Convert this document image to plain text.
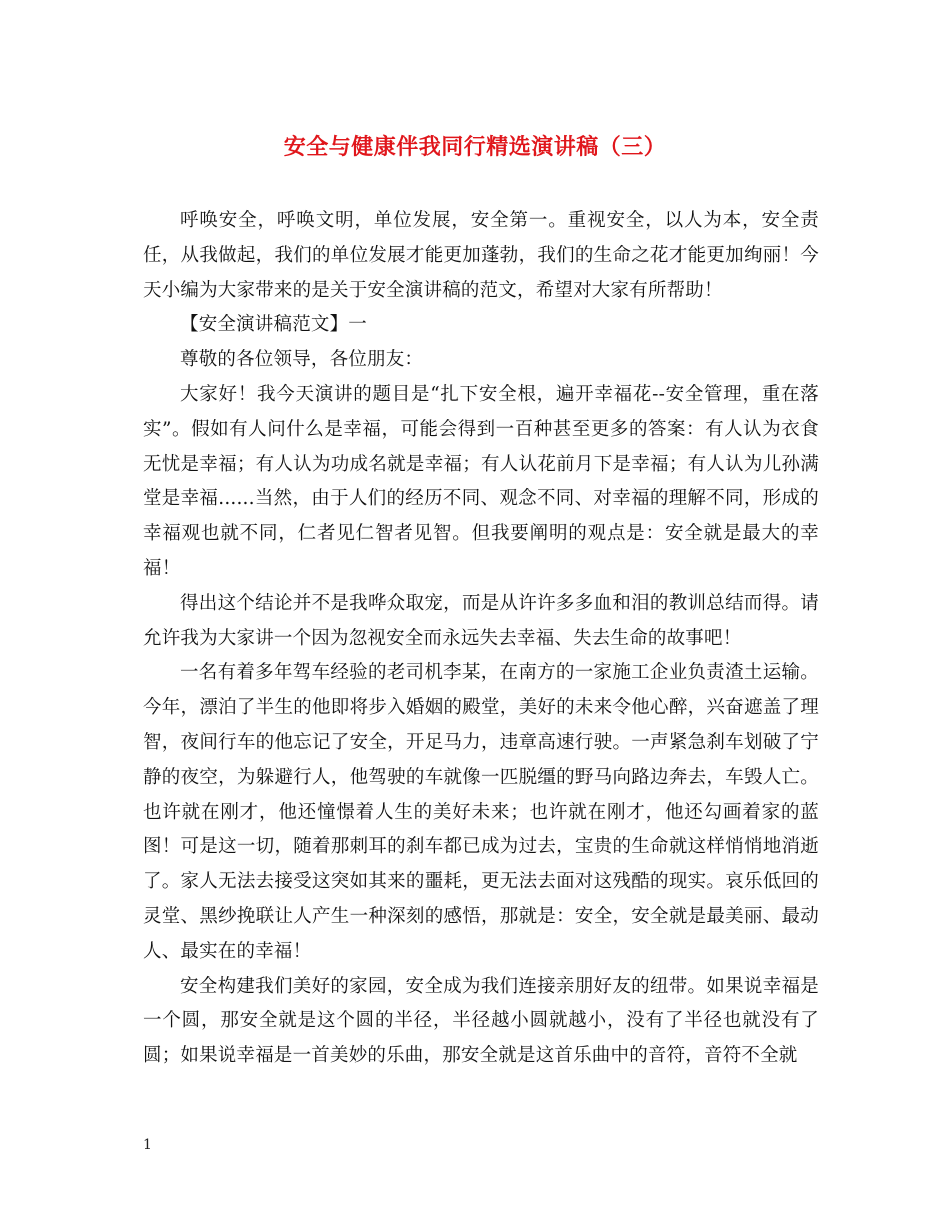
安全与健康伴我同行精选演讲稿（三）

呼唤安全，呼唤文明，单位发展，安全第一。重视安全，以人为本，安全责任，从我做起，我们的单位发展才能更加蓬勃，我们的生命之花才能更加绚丽！今天小编为大家带来的是关于安全演讲稿的范文，希望对大家有所帮助！

【安全演讲稿范文】一

尊敬的各位领导，各位朋友：

大家好！我今天演讲的题目是“扎下安全根，遍开幸福花--安全管理，重在落实”。假如有人问什么是幸福，可能会得到一百种甚至更多的答案：有人认为衣食无忧是幸福；有人认为功成名就是幸福；有人认花前月下是幸福；有人认为儿孙满堂是幸福......当然，由于人们的经历不同、观念不同、对幸福的理解不同，形成的幸福观也就不同，仁者见仁智者见智。但我要阐明的观点是：安全就是最大的幸福！

得出这个结论并不是我哗众取宠，而是从许许多多血和泪的教训总结而得。请允许我为大家讲一个因为忽视安全而永远失去幸福、失去生命的故事吧！

一名有着多年驾车经验的老司机李某，在南方的一家施工企业负责渣土运输。今年，漂泊了半生的他即将步入婚姻的殿堂，美好的未来令他心醉，兴奋遮盖了理智，夜间行车的他忘记了安全，开足马力，违章高速行驶。一声紧急刹车划破了宁静的夜空，为躲避行人，他驾驶的车就像一匹脱缰的野马向路边奔去，车毁人亡。也许就在刚才，他还憧憬着人生的美好未来；也许就在刚才，他还勾画着家的蓝图！可是这一切，随着那刺耳的刹车都已成为过去，宝贵的生命就这样悄悄地消逝了。家人无法去接受这突如其来的噩耗，更无法去面对这残酷的现实。哀乐低回的灵堂、黑纱挽联让人产生一种深刻的感悟，那就是：安全，安全就是最美丽、最动人、最实在的幸福！

安全构建我们美好的家园，安全成为我们连接亲朋好友的纽带。如果说幸福是一个圆，那安全就是这个圆的半径，半径越小圆就越小，没有了半径也就没有了圆；如果说幸福是一首美妙的乐曲，那安全就是这首乐曲中的音符，音符不全就

1
